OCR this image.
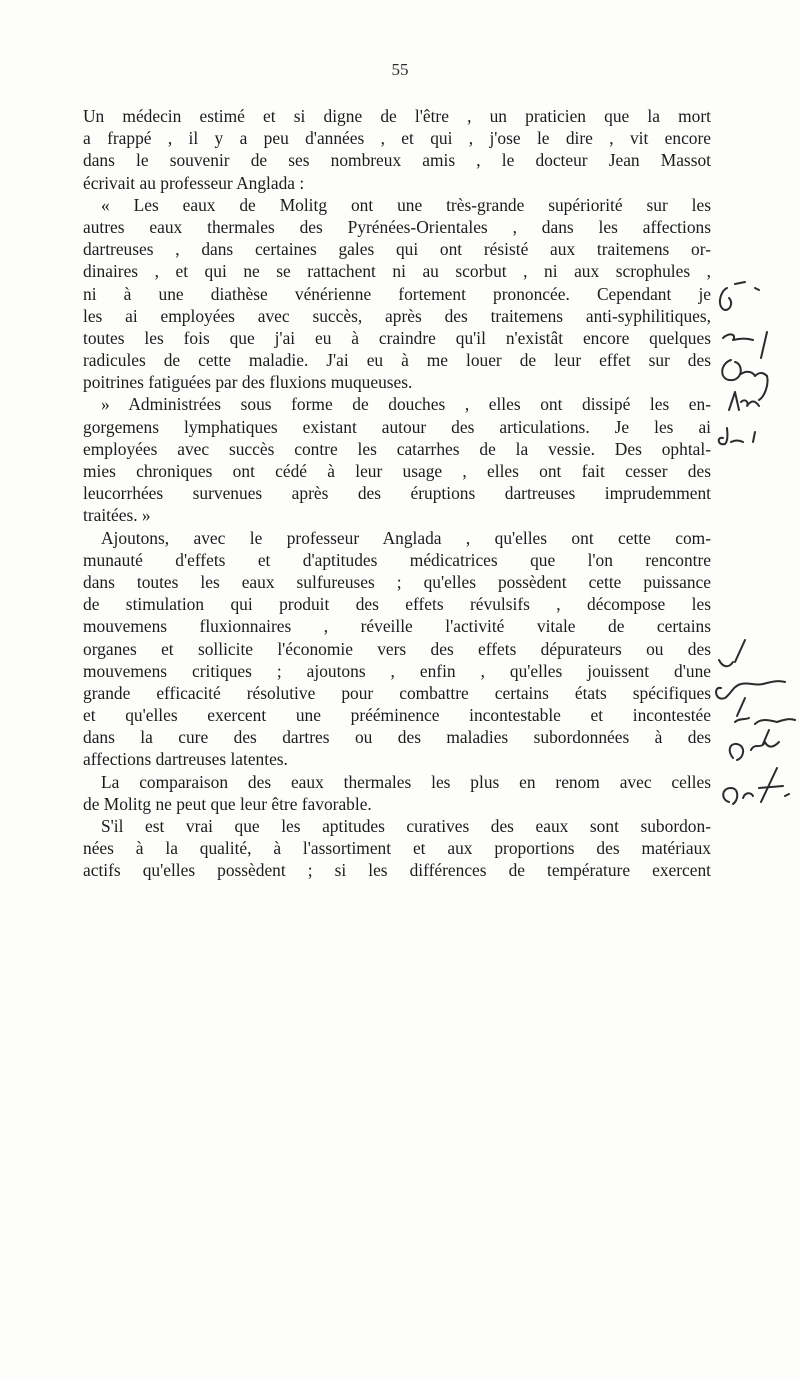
55
Un médecin estimé et si digne de l'être , un praticien que la mort
a frappé , il y a peu d'années , et qui , j'ose le dire , vit encore
dans le souvenir de ses nombreux amis , le docteur Jean Massot
écrivait au professeur Anglada :
« Les eaux de Molitg ont une très-grande supériorité sur les
autres eaux thermales des Pyrénées-Orientales , dans les affections
dartreuses , dans certaines gales qui ont résisté aux traitemens or-
dinaires , et qui ne se rattachent ni au scorbut , ni aux scrophules ,
ni à une diathèse vénérienne fortement prononcée. Cependant je
les ai employées avec succès, après des traitemens anti-syphilitiques,
toutes les fois que j'ai eu à craindre qu'il n'existât encore quelques
radicules de cette maladie. J'ai eu à me louer de leur effet sur des
poitrines fatiguées par des fluxions muqueuses.
» Administrées sous forme de douches , elles ont dissipé les en-
gorgemens lymphatiques existant autour des articulations. Je les ai
employées avec succès contre les catarrhes de la vessie. Des ophtal-
mies chroniques ont cédé à leur usage , elles ont fait cesser des
leucorrhées survenues après des éruptions dartreuses imprudemment
traitées. »
Ajoutons, avec le professeur Anglada , qu'elles ont cette com-
munauté d'effets et d'aptitudes médicatrices que l'on rencontre
dans toutes les eaux sulfureuses ; qu'elles possèdent cette puissance
de stimulation qui produit des effets révulsifs , décompose les
mouvemens fluxionnaires , réveille l'activité vitale de certains
organes et sollicite l'économie vers des effets dépurateurs ou des
mouvemens critiques ; ajoutons , enfin , qu'elles jouissent d'une
grande efficacité résolutive pour combattre certains états spécifiques
et qu'elles exercent une prééminence incontestable et incontestée
dans la cure des dartres ou des maladies subordonnées à des
affections dartreuses latentes.
La comparaison des eaux thermales les plus en renom avec celles
de Molitg ne peut que leur être favorable.
S'il est vrai que les aptitudes curatives des eaux sont subordon-
nées à la qualité, à l'assortiment et aux proportions des matériaux
actifs qu'elles possèdent ; si les différences de température exercent
